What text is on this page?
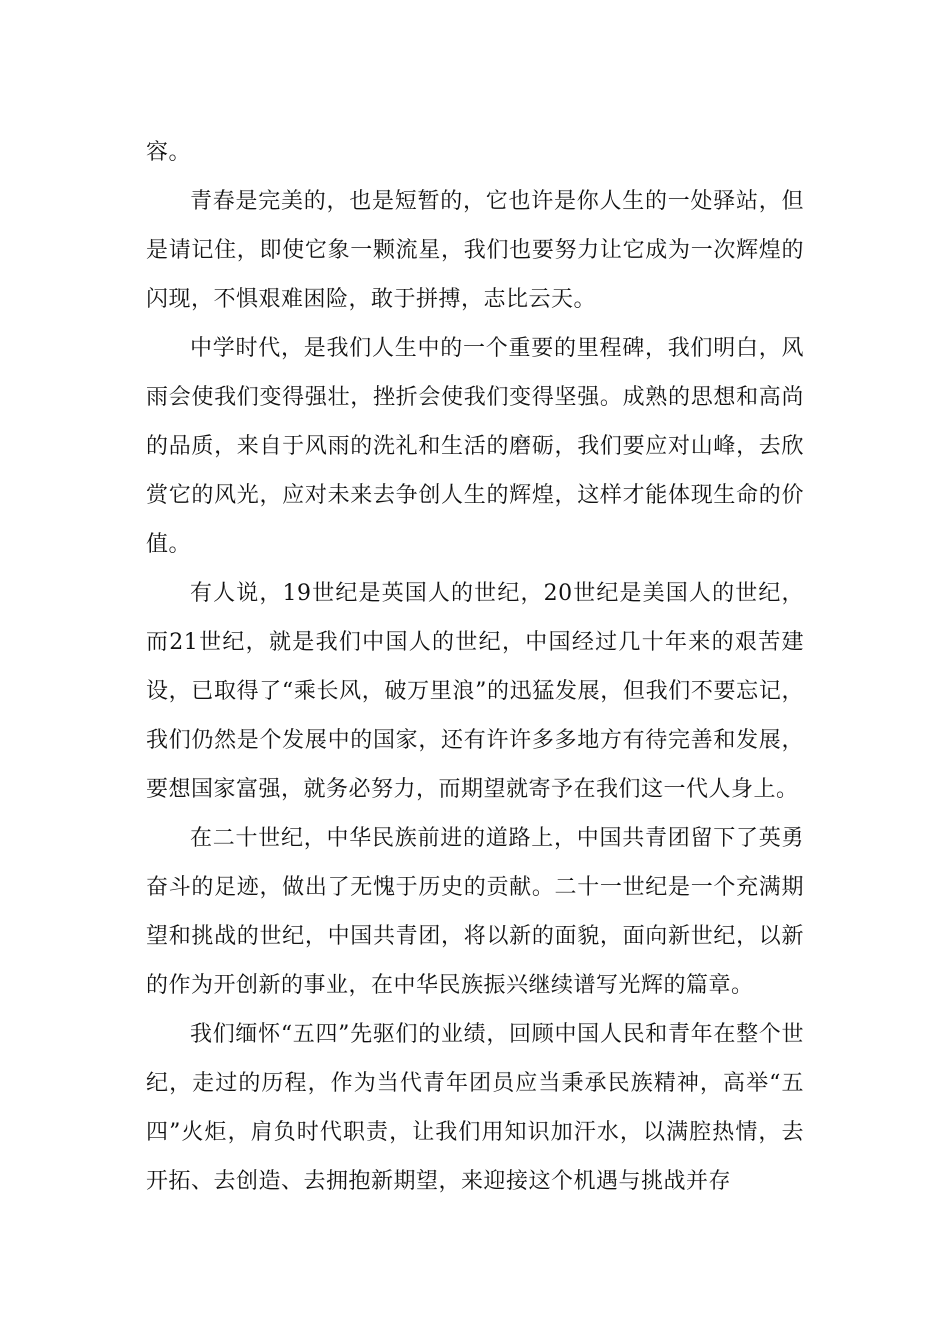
容。

青春是完美的，也是短暂的，它也许是你人生的一处驿站，但是请记住，即使它象一颗流星，我们也要努力让它成为一次辉煌的闪现，不惧艰难困险，敢于拼搏，志比云天。

中学时代，是我们人生中的一个重要的里程碑，我们明白，风雨会使我们变得强壮，挫折会使我们变得坚强。成熟的思想和高尚的品质，来自于风雨的洗礼和生活的磨砺，我们要应对山峰，去欣赏它的风光，应对未来去争创人生的辉煌，这样才能体现生命的价值。

有人说，19世纪是英国人的世纪，20世纪是美国人的世纪，而21世纪，就是我们中国人的世纪，中国经过几十年来的艰苦建设，已取得了“乘长风，破万里浪”的迅猛发展，但我们不要忘记，我们仍然是个发展中的国家，还有许许多多地方有待完善和发展，要想国家富强，就务必努力，而期望就寄予在我们这一代人身上。

在二十世纪，中华民族前进的道路上，中国共青团留下了英勇奋斗的足迹，做出了无愧于历史的贡献。二十一世纪是一个充满期望和挑战的世纪，中国共青团，将以新的面貌，面向新世纪，以新的作为开创新的事业，在中华民族振兴继续谱写光辉的篇章。

我们缅怀“五四”先驱们的业绩，回顾中国人民和青年在整个世纪，走过的历程，作为当代青年团员应当秉承民族精神，高举“五四”火炬，肩负时代职责，让我们用知识加汗水，以满腔热情，去开拓、去创造、去拥抱新期望，来迎接这个机遇与挑战并存
